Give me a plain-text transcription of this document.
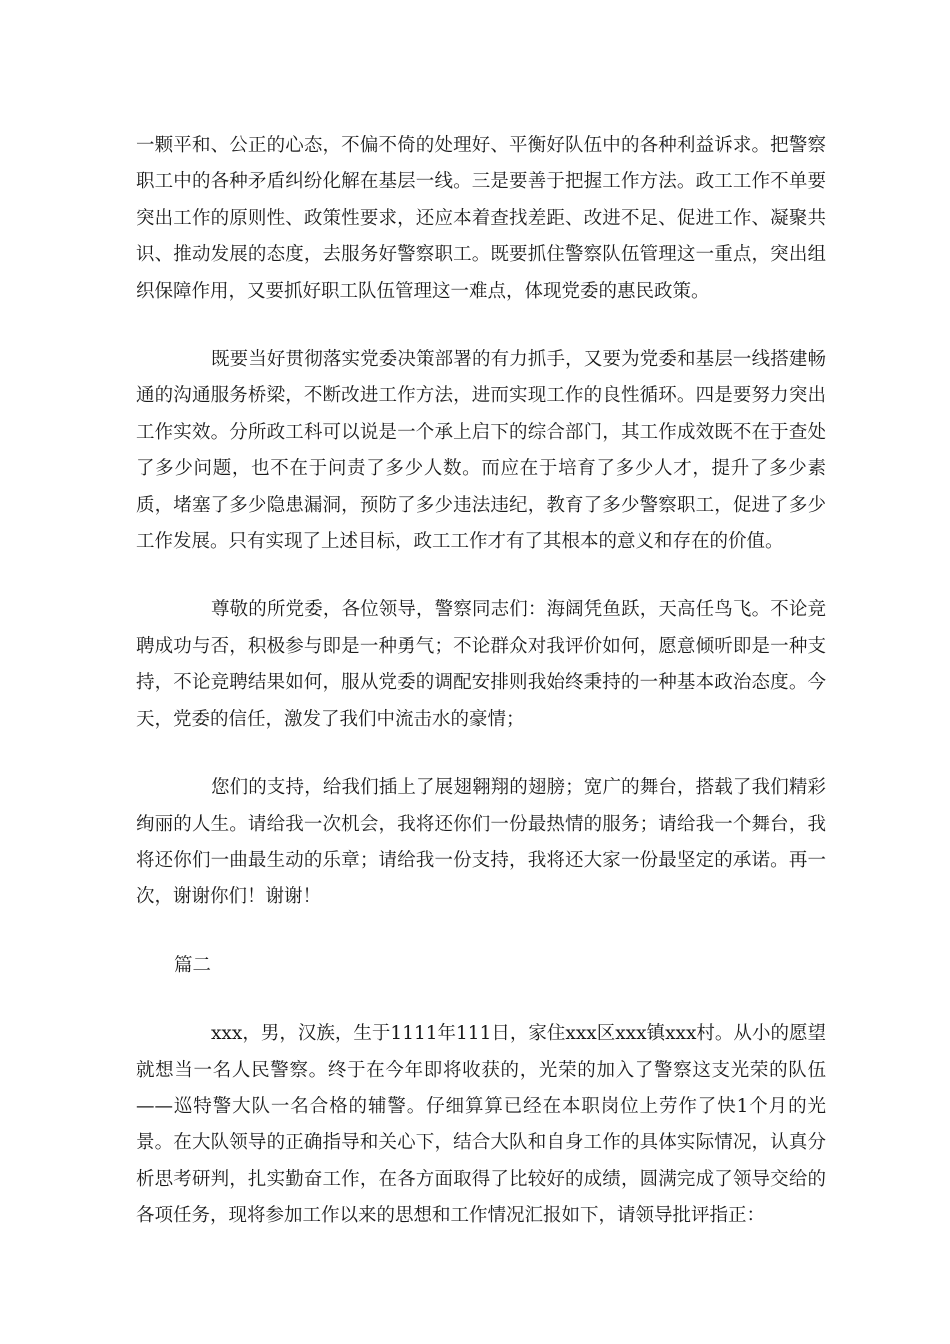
一颗平和、公正的心态，不偏不倚的处理好、平衡好队伍中的各种利益诉求。把警察职工中的各种矛盾纠纷化解在基层一线。三是要善于把握工作方法。政工工作不单要突出工作的原则性、政策性要求，还应本着查找差距、改进不足、促进工作、凝聚共识、推动发展的态度，去服务好警察职工。既要抓住警察队伍管理这一重点，突出组织保障作用，又要抓好职工队伍管理这一难点，体现党委的惠民政策。

既要当好贯彻落实党委决策部署的有力抓手，又要为党委和基层一线搭建畅通的沟通服务桥梁，不断改进工作方法，进而实现工作的良性循环。四是要努力突出工作实效。分所政工科可以说是一个承上启下的综合部门，其工作成效既不在于查处了多少问题，也不在于问责了多少人数。而应在于培育了多少人才，提升了多少素质，堵塞了多少隐患漏洞，预防了多少违法违纪，教育了多少警察职工，促进了多少工作发展。只有实现了上述目标，政工工作才有了其根本的意义和存在的价值。

尊敬的所党委，各位领导，警察同志们：海阔凭鱼跃，天高任鸟飞。不论竞聘成功与否，积极参与即是一种勇气；不论群众对我评价如何，愿意倾听即是一种支持，不论竞聘结果如何，服从党委的调配安排则我始终秉持的一种基本政治态度。今天，党委的信任，激发了我们中流击水的豪情；

您们的支持，给我们插上了展翅翱翔的翅膀；宽广的舞台，搭载了我们精彩绚丽的人生。请给我一次机会，我将还你们一份最热情的服务；请给我一个舞台，我将还你们一曲最生动的乐章；请给我一份支持，我将还大家一份最坚定的承诺。再一次，谢谢你们！谢谢！

篇二

xxx，男，汉族，生于1111年111日，家住xxx区xxx镇xxx村。从小的愿望就想当一名人民警察。终于在今年即将收获的，光荣的加入了警察这支光荣的队伍——巡特警大队一名合格的辅警。仔细算算已经在本职岗位上劳作了快1个月的光景。在大队领导的正确指导和关心下，结合大队和自身工作的具体实际情况，认真分析思考研判，扎实勤奋工作，在各方面取得了比较好的成绩，圆满完成了领导交给的各项任务，现将参加工作以来的思想和工作情况汇报如下，请领导批评指正：
